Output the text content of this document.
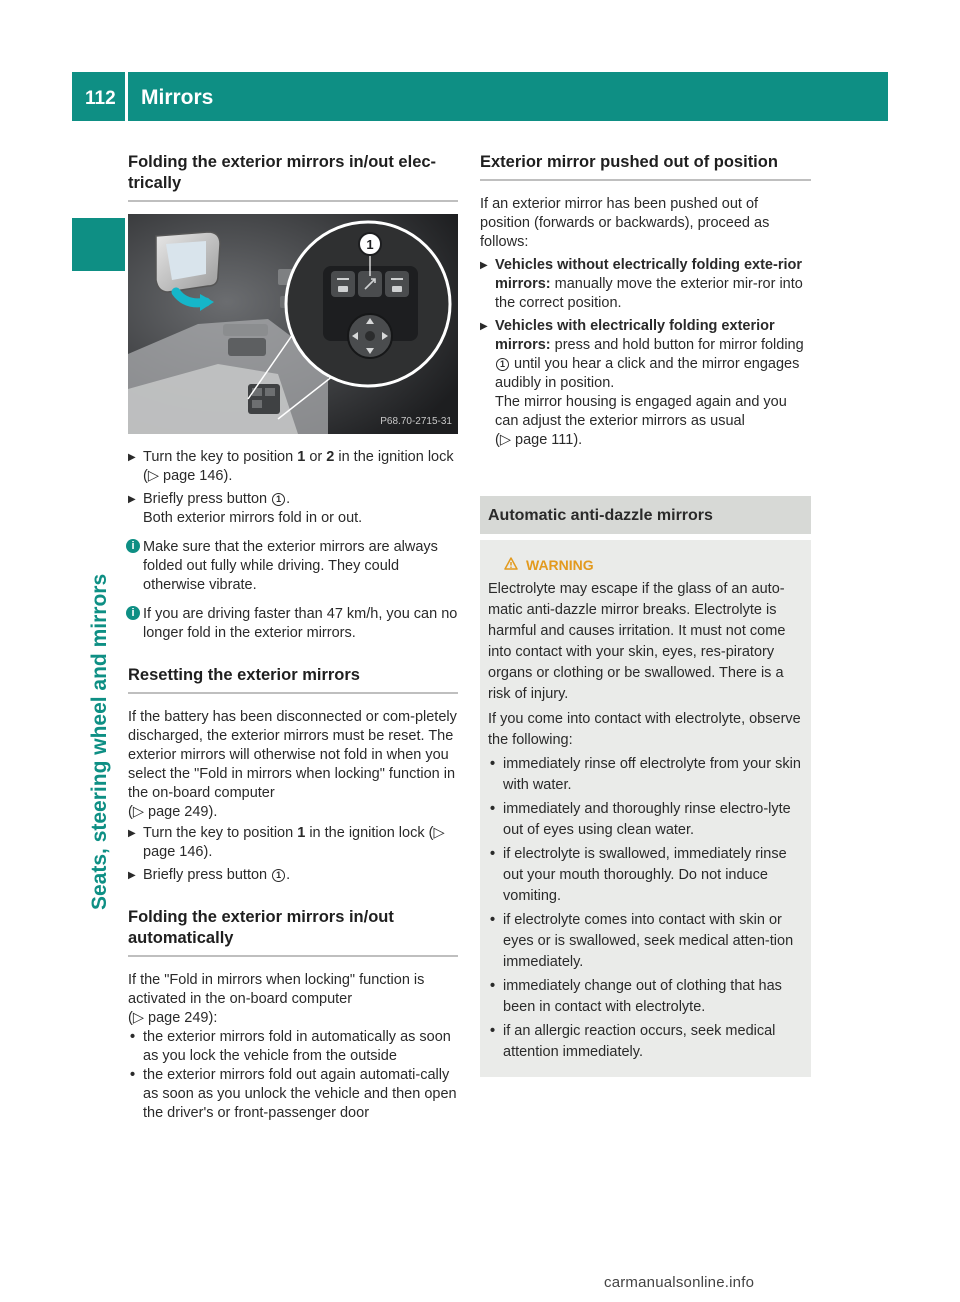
112 Mirrors
Seats, steering wheel and mirrors
Folding the exterior mirrors in/out elec-
trically
1
P68.70-2715-31
▶ Turn the key to position 1 or 2 in the ignition lock (▷ page 146).
▶ Briefly press button 1 .
Both exterior mirrors fold in or out.
i Make sure that the exterior mirrors are always folded out fully while driving. They could otherwise vibrate.
i If you are driving faster than 47 km/h, you can no longer fold in the exterior mirrors.
Resetting the exterior mirrors

If the battery has been disconnected or com-pletely discharged, the exterior mirrors must be reset. The exterior mirrors will otherwise not fold in when you select the "Fold in mirrors when locking" function in the on-board computer

(▷ page 249).

▶ Turn the key to position 1 in the ignition lock (▷ page 146).
▶ Briefly press button 1 .
Folding the exterior mirrors in/out
automatically

If the "Fold in mirrors when locking" function is activated in the on-board computer

(▷ page 249):

• the exterior mirrors fold in automatically as soon as you lock the vehicle from the outside
• the exterior mirrors fold out again automati-cally as soon as you unlock the vehicle and then open the driver's or front-passenger door
Exterior mirror pushed out of position

If an exterior mirror has been pushed out of position (forwards or backwards), proceed as follows:

▶ Vehicles without electrically folding exte-rior mirrors: manually move the exterior mir-ror into the correct position.
▶ Vehicles with electrically folding exterior mirrors: press and hold button for mirror folding 1 until you hear a click and the mirror engages audibly in position.
The mirror housing is engaged again and you can adjust the exterior mirrors as usual
(▷ page 111).
Automatic anti-dazzle mirrors
WARNING

Electrolyte may escape if the glass of an auto-matic anti-dazzle mirror breaks. Electrolyte is harmful and causes irritation. It must not come into contact with your skin, eyes, res-piratory organs or clothing or be swallowed. There is a risk of injury.

If you come into contact with electrolyte, observe the following:

• immediately rinse off electrolyte from your skin with water.
• immediately and thoroughly rinse electro-lyte out of eyes using clean water.
• if electrolyte is swallowed, immediately rinse out your mouth thoroughly. Do not induce vomiting.
• if electrolyte comes into contact with skin or eyes or is swallowed, seek medical atten-tion immediately.
• immediately change out of clothing that has been in contact with electrolyte.
• if an allergic reaction occurs, seek medical attention immediately.
carmanualsonline.info
